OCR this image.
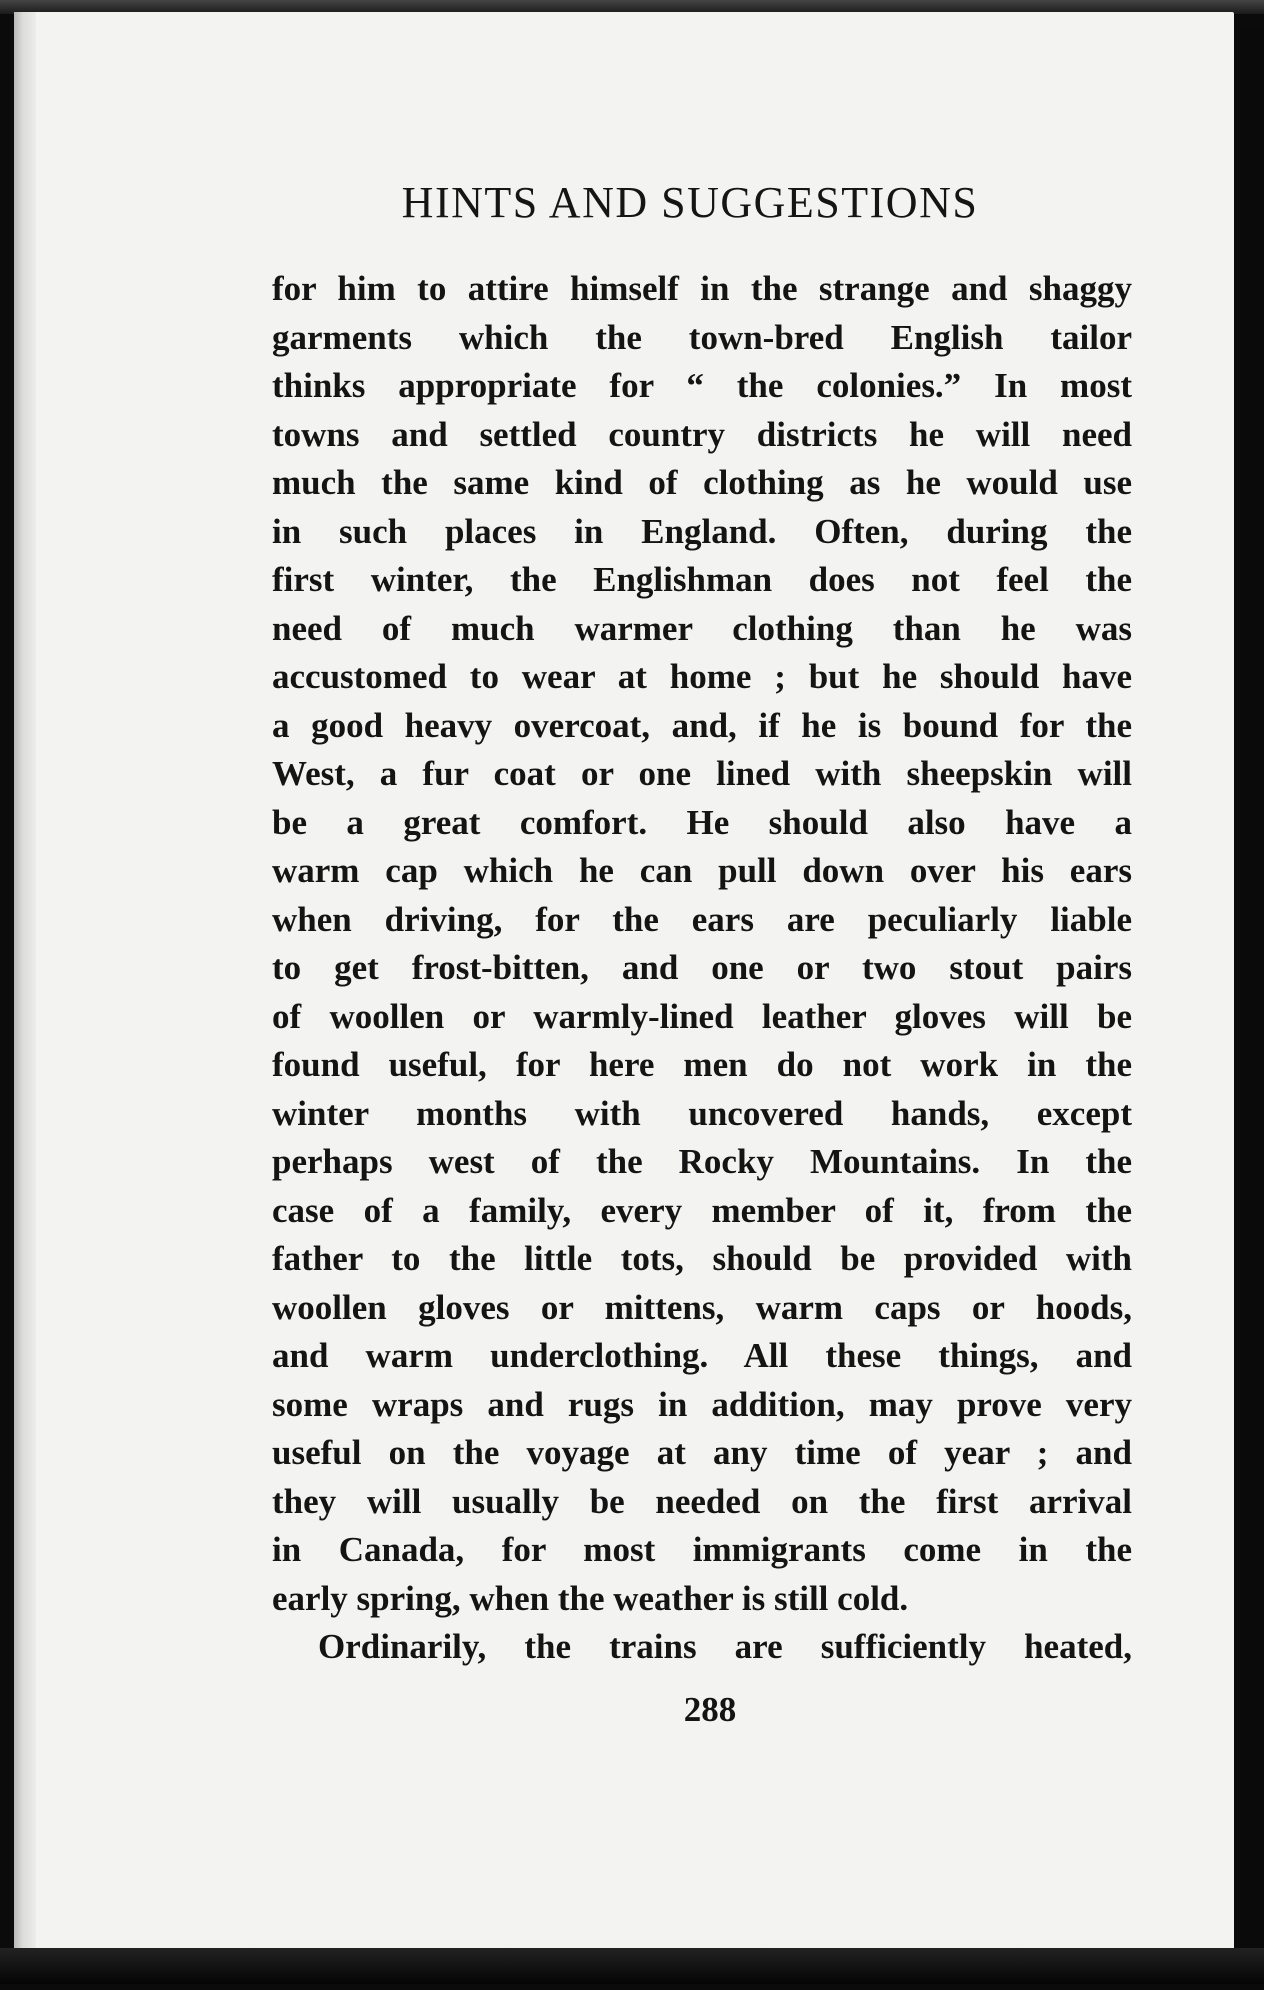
HINTS AND SUGGESTIONS
for him to attire himself in the strange and shaggy
garments which the town-bred English tailor
thinks appropriate for “ the colonies.” In most
towns and settled country districts he will need
much the same kind of clothing as he would use
in such places in England. Often, during the
first winter, the Englishman does not feel the
need of much warmer clothing than he was
accustomed to wear at home ; but he should have
a good heavy overcoat, and, if he is bound for the
West, a fur coat or one lined with sheepskin will
be a great comfort. He should also have a
warm cap which he can pull down over his ears
when driving, for the ears are peculiarly liable
to get frost-bitten, and one or two stout pairs
of woollen or warmly-lined leather gloves will be
found useful, for here men do not work in the
winter months with uncovered hands, except
perhaps west of the Rocky Mountains. In the
case of a family, every member of it, from the
father to the little tots, should be provided with
woollen gloves or mittens, warm caps or hoods,
and warm underclothing. All these things, and
some wraps and rugs in addition, may prove very
useful on the voyage at any time of year ; and
they will usually be needed on the first arrival
in Canada, for most immigrants come in the
early spring, when the weather is still cold.
Ordinarily, the trains are sufficiently heated,
288
